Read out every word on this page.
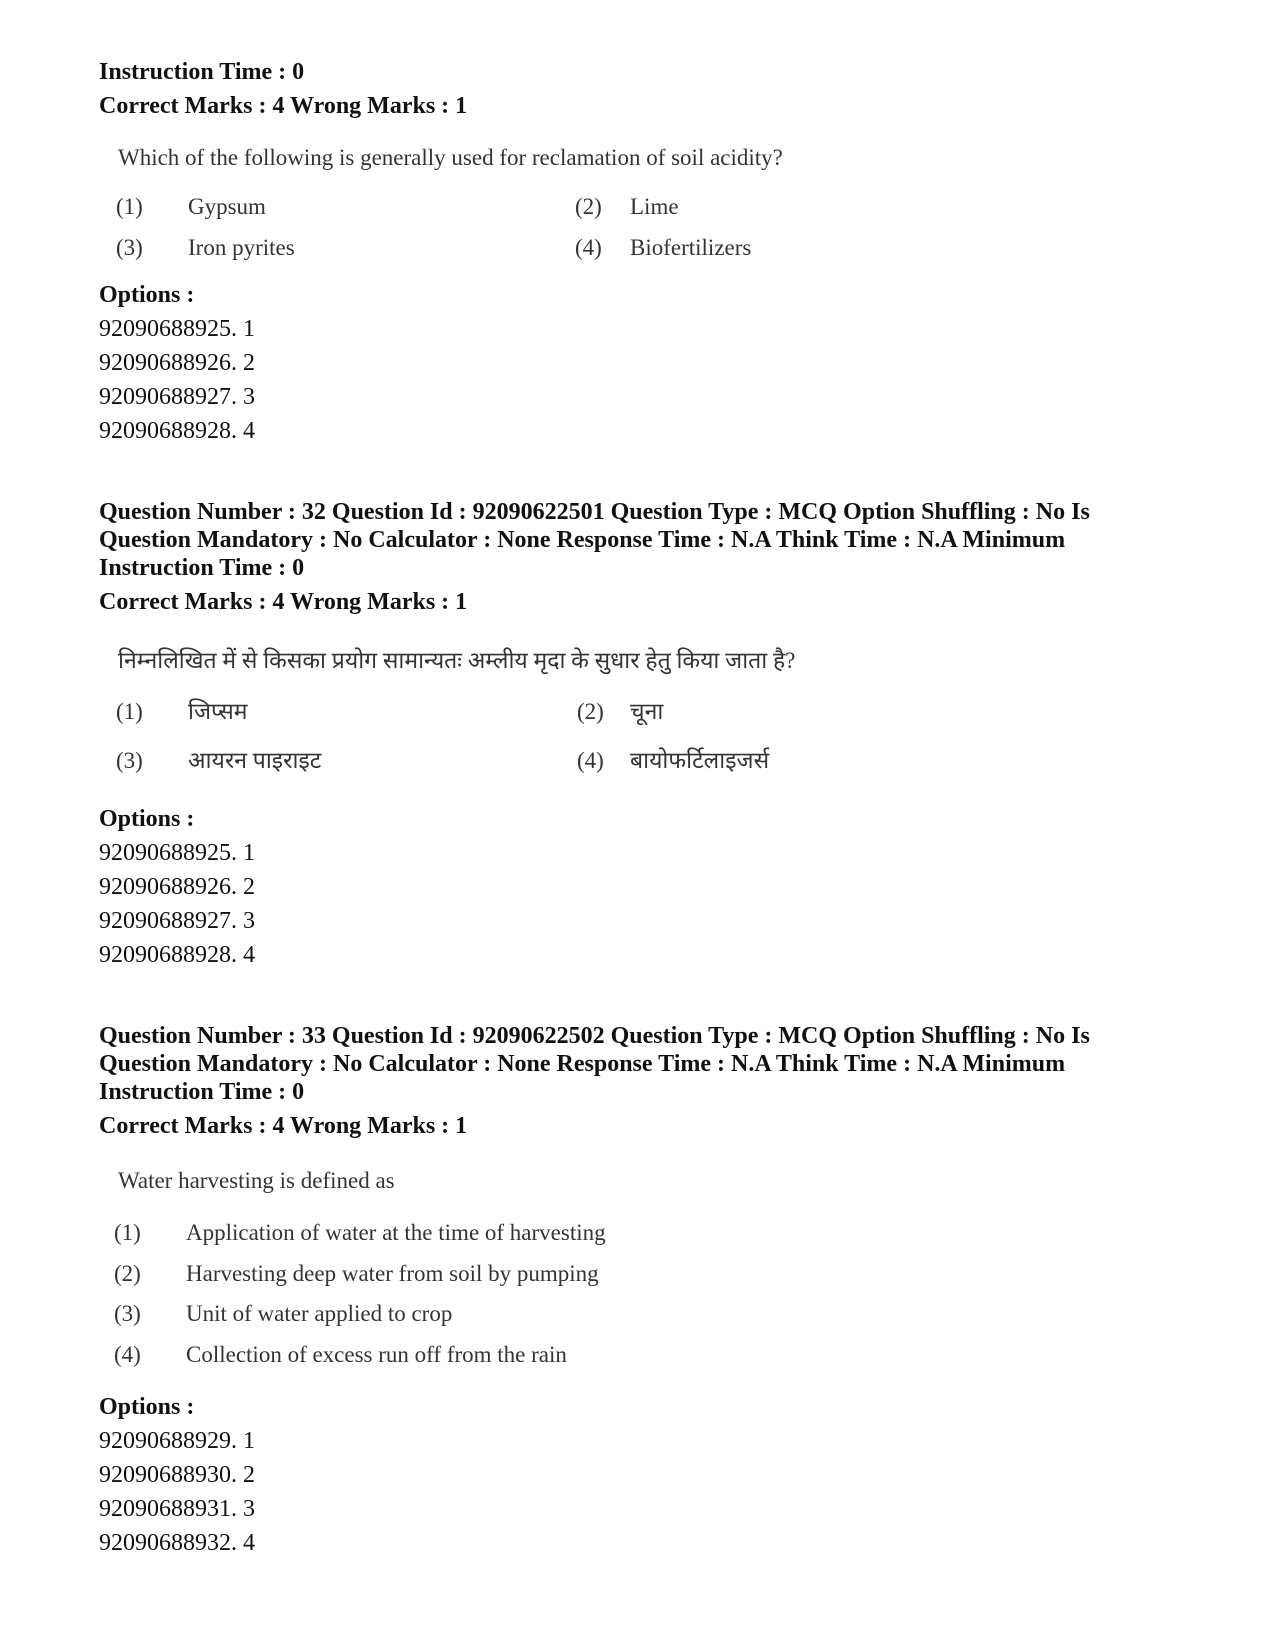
Instruction Time : 0
Correct Marks : 4 Wrong Marks : 1
Which of the following is generally used for reclamation of soil acidity?
(1) Gypsum	(2) Lime
(3) Iron pyrites	(4) Biofertilizers
Options :
92090688925. 1
92090688926. 2
92090688927. 3
92090688928. 4
Question Number : 32 Question Id : 92090622501 Question Type : MCQ Option Shuffling : No Is
Question Mandatory : No Calculator : None Response Time : N.A Think Time : N.A Minimum
Instruction Time : 0
Correct Marks : 4 Wrong Marks : 1
निम्नलिखित में से किसका प्रयोग सामान्यतः अम्लीय मृदा के सुधार हेतु किया जाता है?
(1) जिप्सम	(2) चूना
(3) आयरन पाइराइट	(4) बायोफर्टिलाइजर्स
Options :
92090688925. 1
92090688926. 2
92090688927. 3
92090688928. 4
Question Number : 33 Question Id : 92090622502 Question Type : MCQ Option Shuffling : No Is
Question Mandatory : No Calculator : None Response Time : N.A Think Time : N.A Minimum
Instruction Time : 0
Correct Marks : 4 Wrong Marks : 1
Water harvesting is defined as
(1) Application of water at the time of harvesting
(2) Harvesting deep water from soil by pumping
(3) Unit of water applied to crop
(4) Collection of excess run off from the rain
Options :
92090688929. 1
92090688930. 2
92090688931. 3
92090688932. 4
